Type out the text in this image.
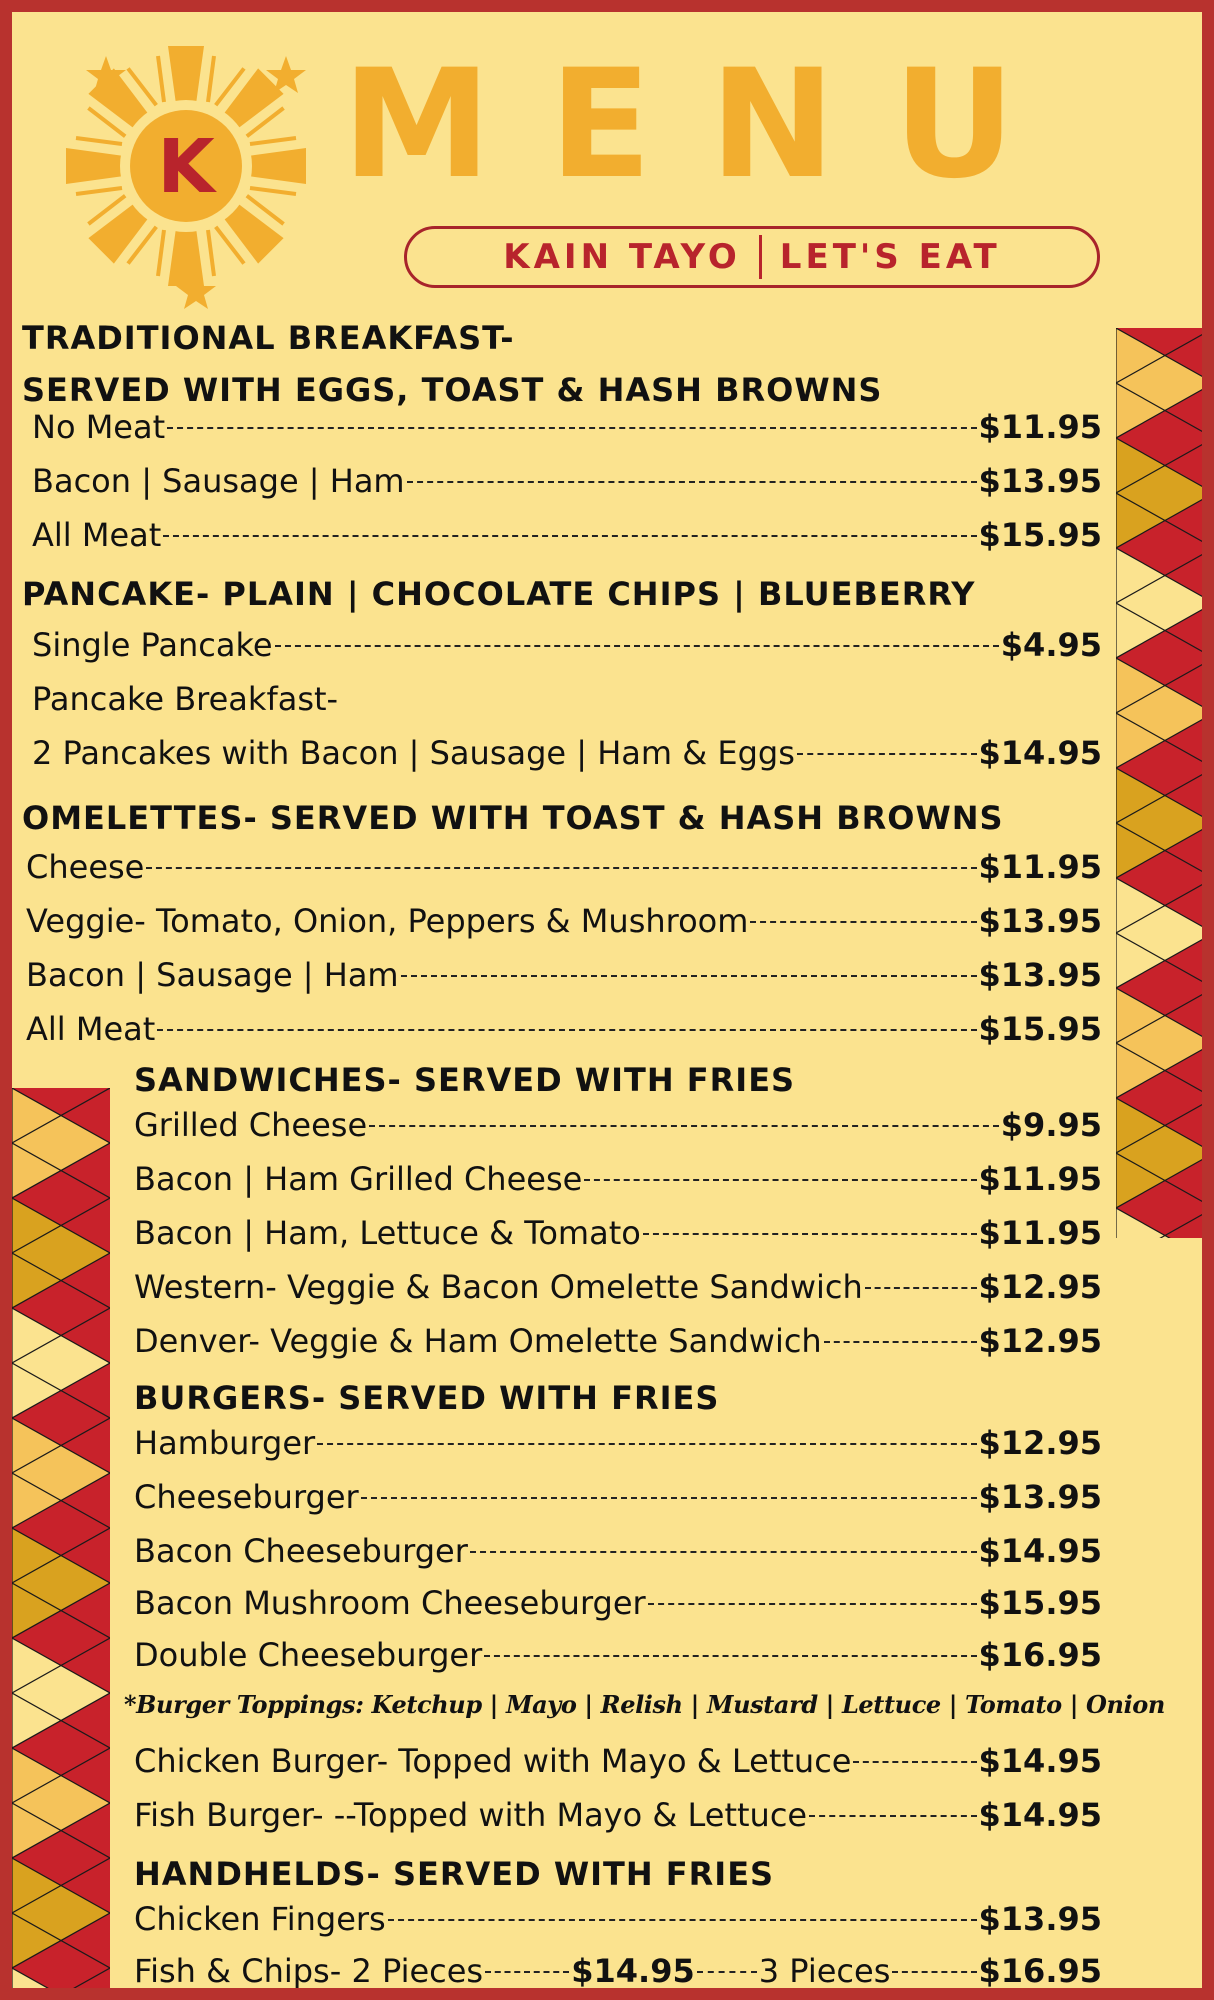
K MENU
KAIN TAYO LET'S EAT
TRADITIONAL BREAKFAST-
SERVED WITH EGGS, TOAST & HASH BROWNS
No Meat	$11.95
Bacon | Sausage | Ham	$13.95
All Meat	$15.95
PANCAKE- PLAIN | CHOCOLATE CHIPS | BLUEBERRY
Single Pancake	$4.95
Pancake Breakfast-
2 Pancakes with Bacon | Sausage | Ham & Eggs	$14.95
OMELETTES- SERVED WITH TOAST & HASH BROWNS
Cheese	$11.95
Veggie- Tomato, Onion, Peppers & Mushroom	$13.95
Bacon | Sausage | Ham	$13.95
All Meat	$15.95
SANDWICHES- SERVED WITH FRIES
Grilled Cheese	$9.95
Bacon | Ham Grilled Cheese	$11.95
Bacon | Ham, Lettuce & Tomato	$11.95
Western- Veggie & Bacon Omelette Sandwich	$12.95
Denver- Veggie & Ham Omelette Sandwich	$12.95
BURGERS- SERVED WITH FRIES
Hamburger	$12.95
Cheeseburger	$13.95
Bacon Cheeseburger	$14.95
Bacon Mushroom Cheeseburger	$15.95
Double Cheeseburger	$16.95
*Burger Toppings: Ketchup | Mayo | Relish | Mustard | Lettuce | Tomato | Onion
Chicken Burger- Topped with Mayo & Lettuce	$14.95
Fish Burger- --Topped with Mayo & Lettuce	$14.95
HANDHELDS- SERVED WITH FRIES
Chicken Fingers	$13.95
Fish & Chips- 2 Pieces	$14.95 3 Pieces	$16.95
